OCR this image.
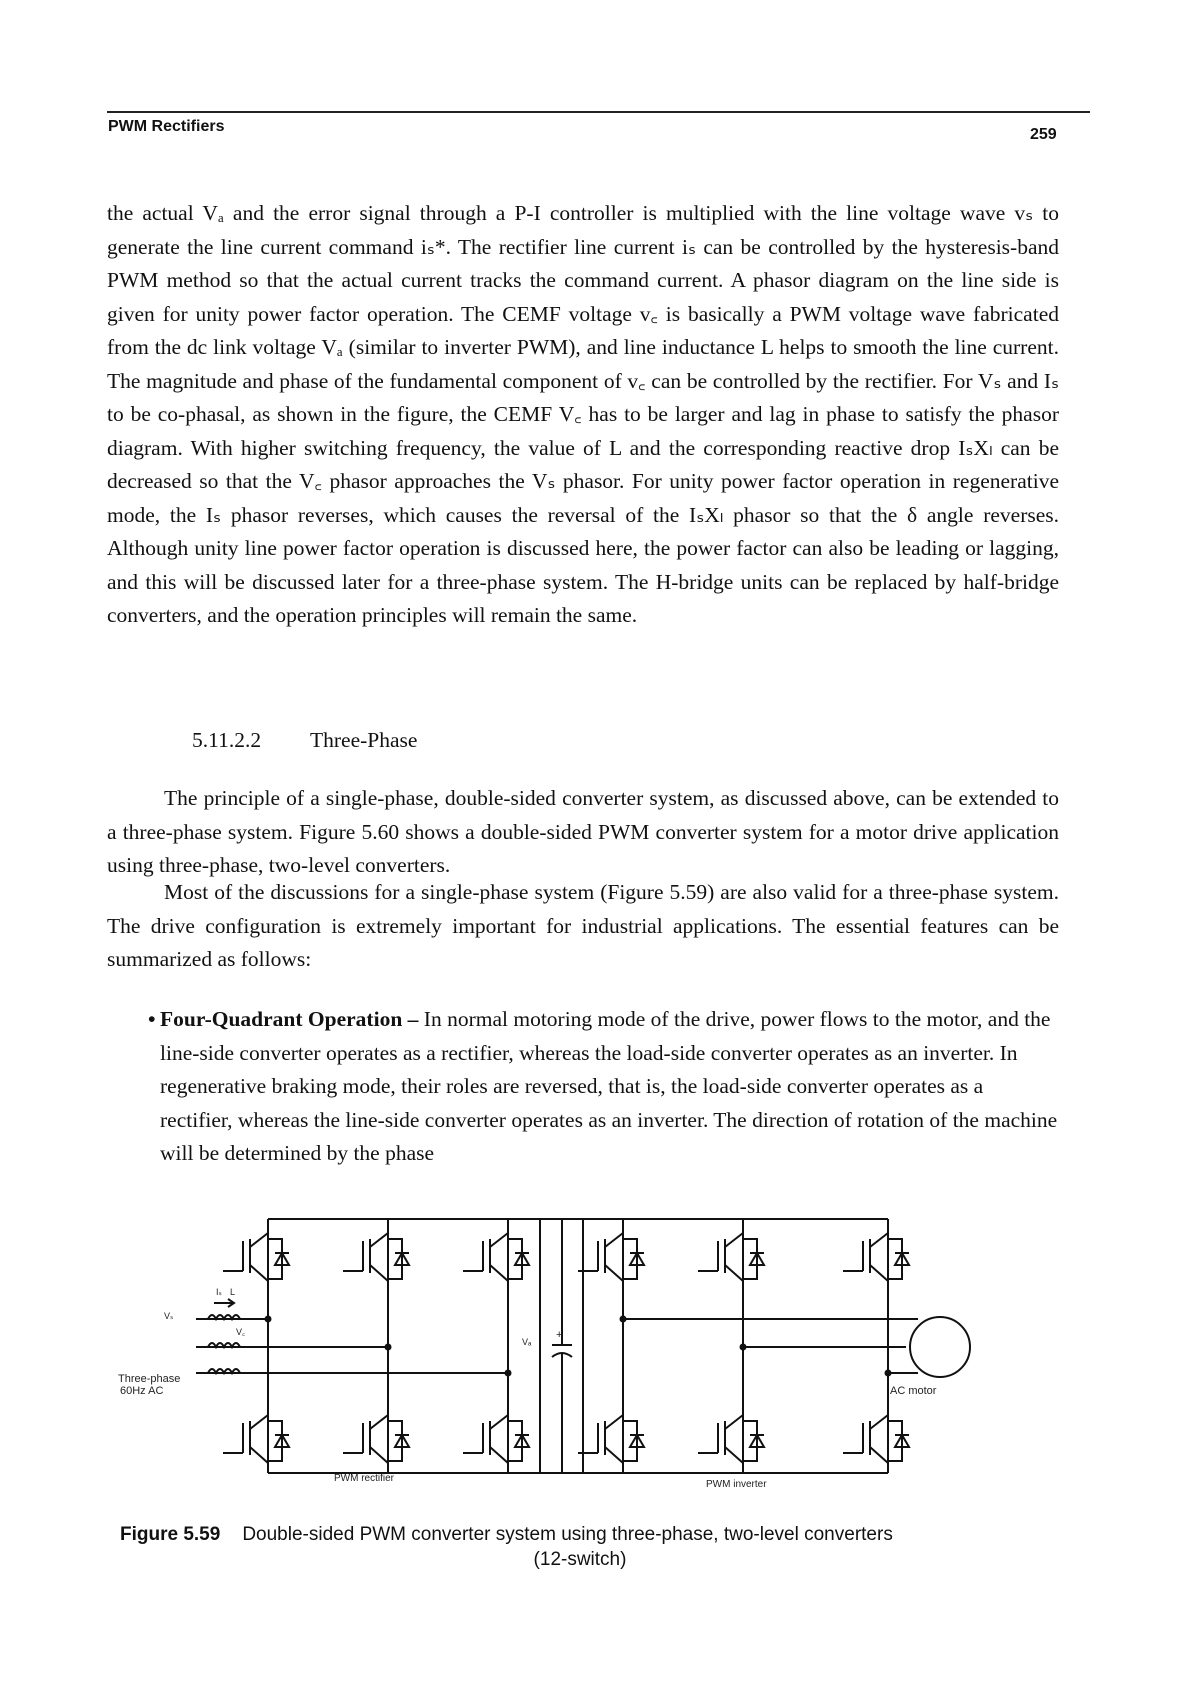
PWM Rectifiers	259
the actual Vₐ and the error signal through a P-I controller is multiplied with the line voltage wave vₛ to generate the line current command iₛ*. The rectifier line current iₛ can be controlled by the hysteresis-band PWM method so that the actual current tracks the command current. A phasor diagram on the line side is given for unity power factor operation. The CEMF voltage v꜀ is basically a PWM voltage wave fabricated from the dc link voltage Vₐ (similar to inverter PWM), and line inductance L helps to smooth the line current. The magnitude and phase of the fundamental component of v꜀ can be controlled by the rectifier. For Vₛ and Iₛ to be co-phasal, as shown in the figure, the CEMF V꜀ has to be larger and lag in phase to satisfy the phasor diagram. With higher switching frequency, the value of L and the corresponding reactive drop IₛXₗ can be decreased so that the V꜀ phasor approaches the Vₛ phasor. For unity power factor operation in regenerative mode, the Iₛ phasor reverses, which causes the reversal of the IₛXₗ phasor so that the δ angle reverses. Although unity line power factor operation is discussed here, the power factor can also be leading or lagging, and this will be discussed later for a three-phase system. The H-bridge units can be replaced by half-bridge converters, and the operation principles will remain the same.
5.11.2.2 Three-Phase
The principle of a single-phase, double-sided converter system, as discussed above, can be extended to a three-phase system. Figure 5.60 shows a double-sided PWM converter system for a motor drive application using three-phase, two-level converters.
Most of the discussions for a single-phase system (Figure 5.59) are also valid for a three-phase system. The drive configuration is extremely important for industrial applications. The essential features can be summarized as follows:
• Four-Quadrant Operation – In normal motoring mode of the drive, power flows to the motor, and the line-side converter operates as a rectifier, whereas the load-side converter operates as an inverter. In regenerative braking mode, their roles are reversed, that is, the load-side converter operates as a rectifier, whereas the line-side converter operates as an inverter. The direction of rotation of the machine will be determined by the phase
Three-phase
60Hz AC
Vₛ
Iₛ L
V꜀
Vₐ
+
AC motor
PWM rectifier
PWM inverter
Figure 5.59 Double-sided PWM converter system using three-phase, two-level converters
(12-switch)
